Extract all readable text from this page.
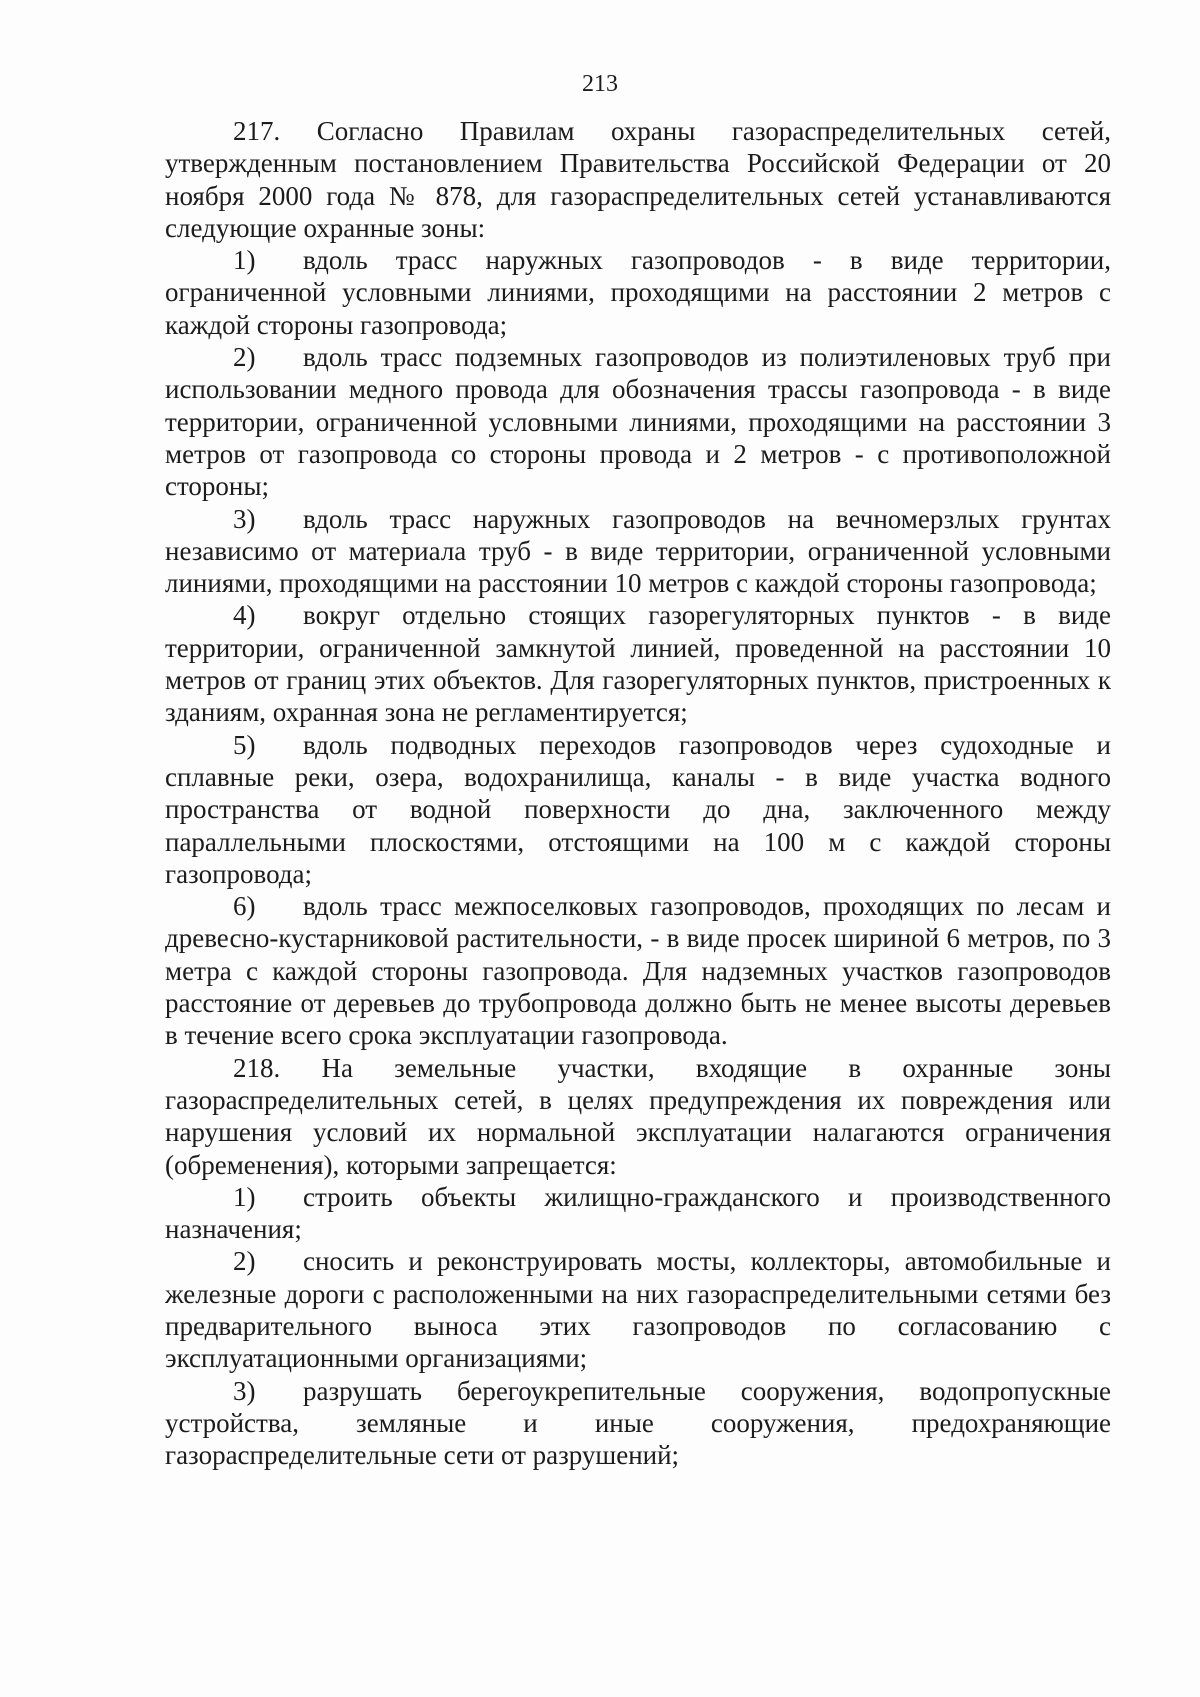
213

217. Согласно Правилам охраны газораспределительных сетей, утвержденным постановлением Правительства Российской Федерации от 20 ноября 2000 года № 878, для газораспределительных сетей устанавливаются следующие охранные зоны:

1) вдоль трасс наружных газопроводов - в виде территории, ограниченной условными линиями, проходящими на расстоянии 2 метров с каждой стороны газопровода;

2) вдоль трасс подземных газопроводов из полиэтиленовых труб при использовании медного провода для обозначения трассы газопровода - в виде территории, ограниченной условными линиями, проходящими на расстоянии 3 метров от газопровода со стороны провода и 2 метров - с противоположной стороны;

3) вдоль трасс наружных газопроводов на вечномерзлых грунтах независимо от материала труб - в виде территории, ограниченной условными линиями, проходящими на расстоянии 10 метров с каждой стороны газопровода;

4) вокруг отдельно стоящих газорегуляторных пунктов - в виде территории, ограниченной замкнутой линией, проведенной на расстоянии 10 метров от границ этих объектов. Для газорегуляторных пунктов, пристроенных к зданиям, охранная зона не регламентируется;

5) вдоль подводных переходов газопроводов через судоходные и сплавные реки, озера, водохранилища, каналы - в виде участка водного пространства от водной поверхности до дна, заключенного между параллельными плоскостями, отстоящими на 100 м с каждой стороны газопровода;

6) вдоль трасс межпоселковых газопроводов, проходящих по лесам и древесно-кустарниковой растительности, - в виде просек шириной 6 метров, по 3 метра с каждой стороны газопровода. Для надземных участков газопроводов расстояние от деревьев до трубопровода должно быть не менее высоты деревьев в течение всего срока эксплуатации газопровода.

218. На земельные участки, входящие в охранные зоны газораспределительных сетей, в целях предупреждения их повреждения или нарушения условий их нормальной эксплуатации налагаются ограничения (обременения), которыми запрещается:

1) строить объекты жилищно-гражданского и производственного назначения;

2) сносить и реконструировать мосты, коллекторы, автомобильные и железные дороги с расположенными на них газораспределительными сетями без предварительного выноса этих газопроводов по согласованию с эксплуатационными организациями;

3) разрушать берегоукрепительные сооружения, водопропускные устройства, земляные и иные сооружения, предохраняющие газораспределительные сети от разрушений;
